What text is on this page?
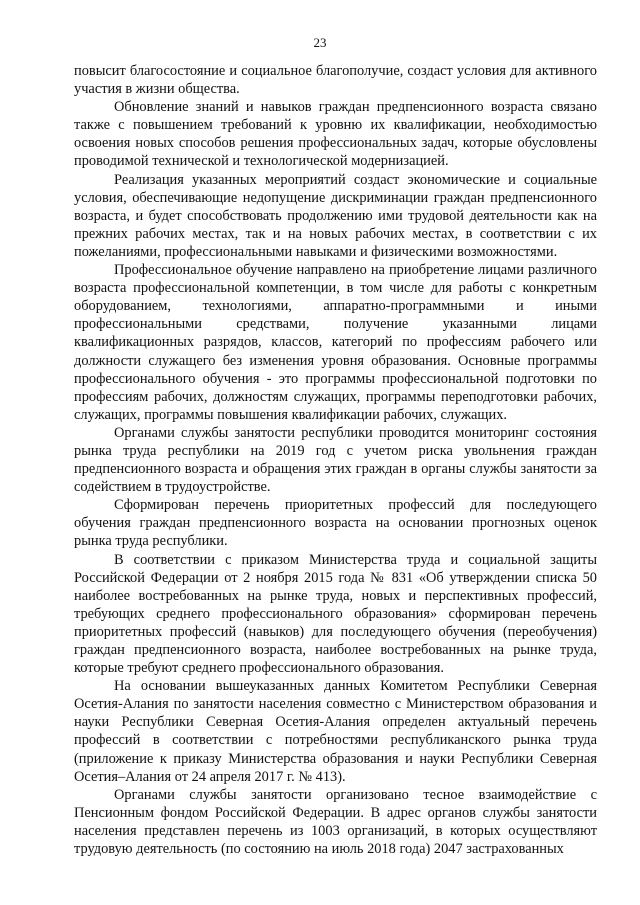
23

повысит благосостояние и социальное благополучие, создаст условия для активного участия в жизни общества.

Обновление знаний и навыков граждан предпенсионного возраста связано также с повышением требований к уровню их квалификации, необходимостью освоения новых способов решения профессиональных задач, которые обусловлены проводимой технической и технологической модернизацией.

Реализация указанных мероприятий создаст экономические и социальные условия, обеспечивающие недопущение дискриминации граждан предпенсионного возраста, и будет способствовать продолжению ими трудовой деятельности как на прежних рабочих местах, так и на новых рабочих местах, в соответствии с их пожеланиями, профессиональными навыками и физическими возможностями.

Профессиональное обучение направлено на приобретение лицами различного возраста профессиональной компетенции, в том числе для работы с конкретным оборудованием, технологиями, аппаратно-программными и иными профессиональными средствами, получение указанными лицами квалификационных разрядов, классов, категорий по профессиям рабочего или должности служащего без изменения уровня образования. Основные программы профессионального обучения - это программы профессиональной подготовки по профессиям рабочих, должностям служащих, программы переподготовки рабочих, служащих, программы повышения квалификации рабочих, служащих.

Органами службы занятости республики проводится мониторинг состояния рынка труда республики на 2019 год с учетом риска увольнения граждан предпенсионного возраста и обращения этих граждан в органы службы занятости за содействием в трудоустройстве.

Сформирован перечень приоритетных профессий для последующего обучения граждан предпенсионного возраста на основании прогнозных оценок рынка труда республики.

В соответствии с приказом Министерства труда и социальной защиты Российской Федерации от 2 ноября 2015 года № 831 «Об утверждении списка 50 наиболее востребованных на рынке труда, новых и перспективных профессий, требующих среднего профессионального образования» сформирован перечень приоритетных профессий (навыков) для последующего обучения (переобучения) граждан предпенсионного возраста, наиболее востребованных на рынке труда, которые требуют среднего профессионального образования.

На основании вышеуказанных данных Комитетом Республики Северная Осетия-Алания по занятости населения совместно с Министерством образования и науки Республики Северная Осетия-Алания определен актуальный перечень профессий в соответствии с потребностями республиканского рынка труда (приложение к приказу Министерства образования и науки Республики Северная Осетия–Алания от 24 апреля 2017 г. № 413).

Органами службы занятости организовано тесное взаимодействие с Пенсионным фондом Российской Федерации. В адрес органов службы занятости населения представлен перечень из 1003 организаций, в которых осуществляют трудовую деятельность (по состоянию на июль 2018 года) 2047 застрахованных
